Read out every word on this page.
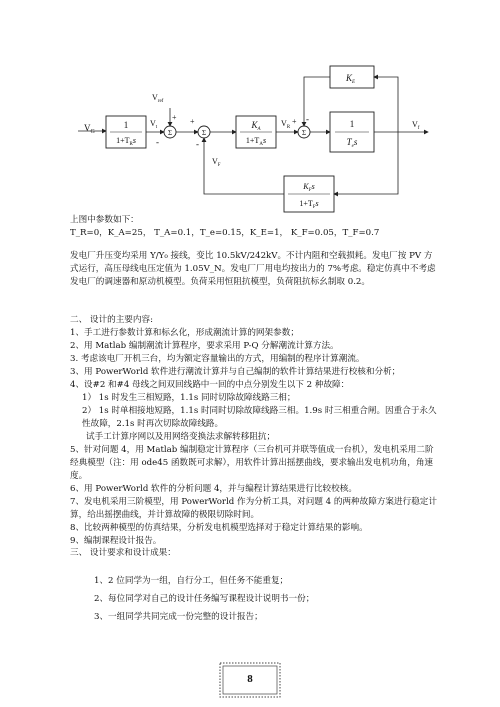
$V_G$
1
$1+T_Rs$
$V_t$
-
Σ
$V_{ref}$
+ +
Σ
-
$K_A$
$1+T_As$
$V_R$
+
Σ
-	1
$T_es$
$V_f$
$K_E$
$K_Fs$
$1+T_Fs$
$V_F$
上图中参数如下：
T_R=0，K_A=25， T_A=0.1，T_e=0.15，K_E=1， K_F=0.05，T_F=0.7
发电厂升压变均采用 Y/Y₀ 接线，变比 10.5kV/242kV。不计内阻和空载损耗。发电厂按 PV 方式运行，高压母线电压定值为 1.05V_N。发电厂厂用电均按出力的 7%考虑。稳定仿真中不考虑发电厂的调速器和原动机模型。负荷采用恒阻抗模型，负荷阻抗标幺制取 0.2。
二、 设计的主要内容:
1、手工进行参数计算和标幺化，形成潮流计算的网架参数；
2、用 Matlab 编制潮流计算程序，要求采用 P-Q 分解潮流计算方法。
3. 考虑该电厂开机三台，均为额定容量输出的方式，用编制的程序计算潮流。
3、用 PowerWorld 软件进行潮流计算并与自己编制的软件计算结果进行校核和分析；
4、设#2 和#4 母线之间双回线路中一回的中点分别发生以下 2 种故障：
1） 1s 时发生三相短路，1.1s 同时切除故障线路三相；
2） 1s 时单相接地短路，1.1s 时同时切除故障线路三相。1.9s 时三相重合闸。因重合于永久性故障，2.1s 时再次切除故障线路。
试手工计算序网以及用网络变换法求解转移阻抗；
5、针对问题 4，用 Matlab 编制稳定计算程序（三台机可并联等值成一台机），发电机采用二阶经典模型（注：用 ode45 函数既可求解），用软件计算出摇摆曲线，要求输出发电机功角，角速度。
6、用 PowerWorld 软件的分析问题 4，并与编程计算结果进行比较校核。
7、发电机采用三阶模型，用 PowerWorld 作为分析工具，对问题 4 的两种故障方案进行稳定计算，给出摇摆曲线，并计算故障的极限切除时间。
8、比较两种模型的仿真结果，分析发电机模型选择对于稳定计算结果的影响。
9、编制课程设计报告。
三、 设计要求和设计成果：
1、2 位同学为一组，自行分工，但任务不能重复；
2、每位同学对自己的设计任务编写课程设计说明书一份；
3、一组同学共同完成一份完整的设计报告；
8
